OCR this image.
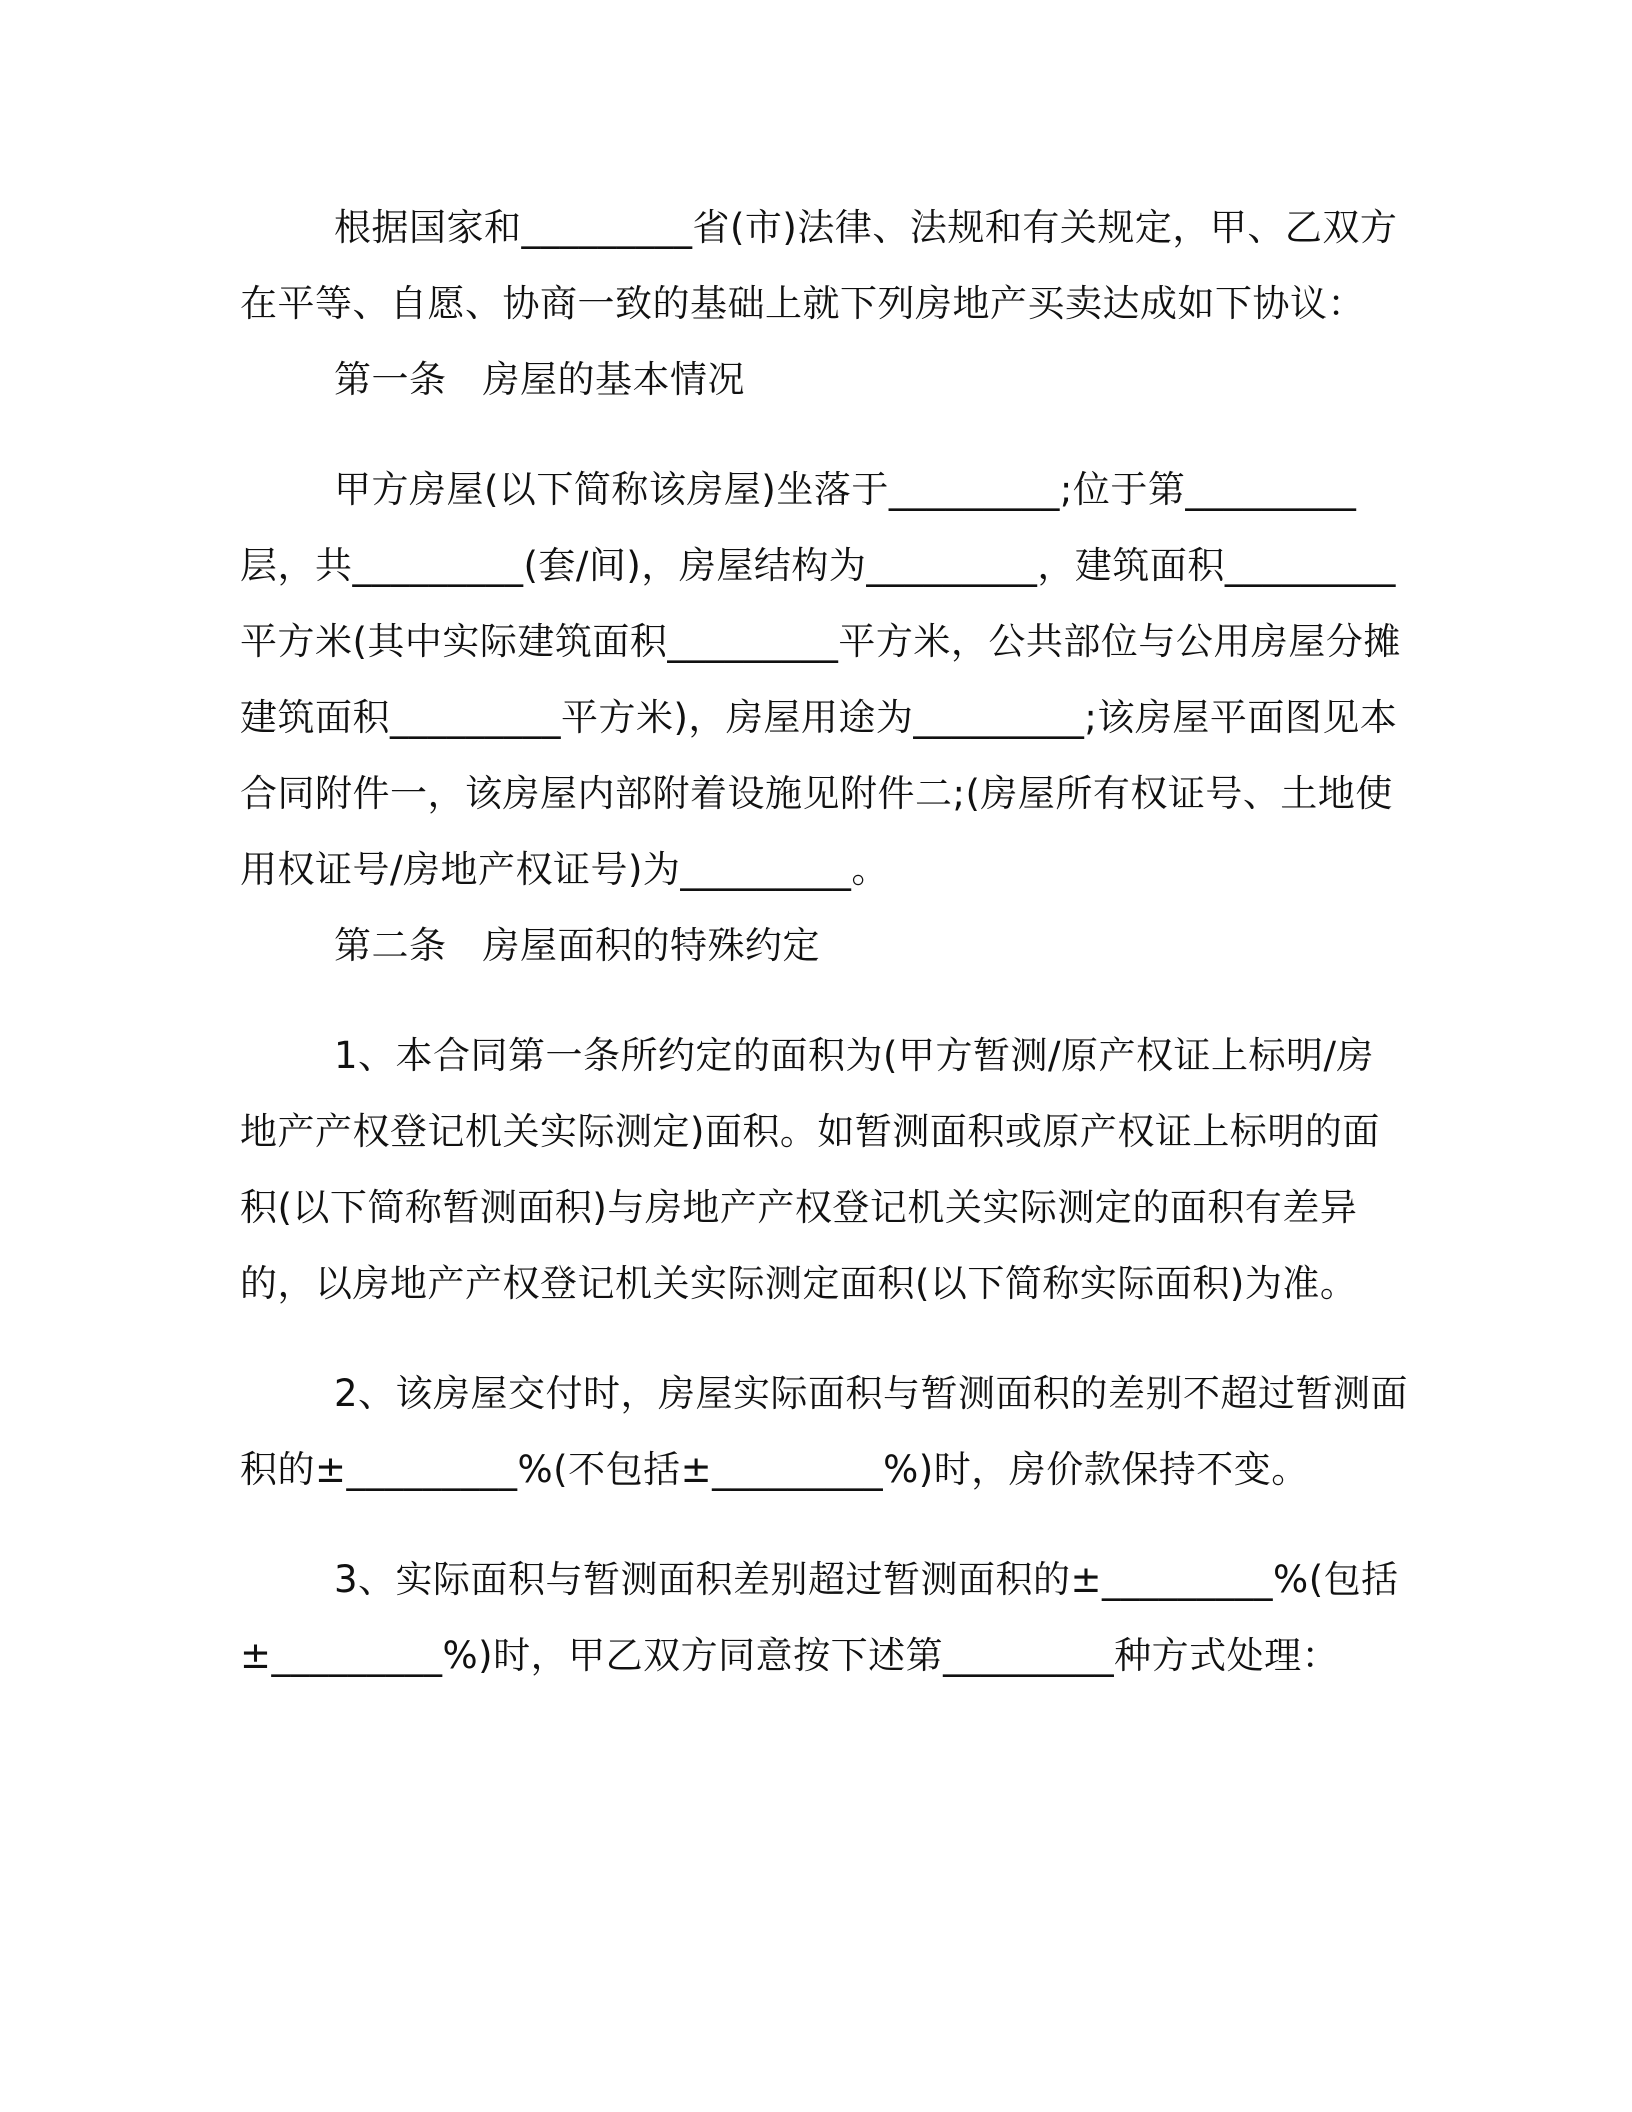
根据国家和_________省(市)法律、法规和有关规定，甲、乙双方在平等、自愿、协商一致的基础上就下列房地产买卖达成如下协议：

第一条 房屋的基本情况

甲方房屋(以下简称该房屋)坐落于_________;位于第_________层，共_________(套/间)，房屋结构为_________，建筑面积_________平方米(其中实际建筑面积_________平方米，公共部位与公用房屋分摊建筑面积_________平方米)，房屋用途为_________;该房屋平面图见本合同附件一，该房屋内部附着设施见附件二;(房屋所有权证号、土地使用权证号/房地产权证号)为_________。

第二条 房屋面积的特殊约定

1、本合同第一条所约定的面积为(甲方暂测/原产权证上标明/房地产产权登记机关实际测定)面积。如暂测面积或原产权证上标明的面积(以下简称暂测面积)与房地产产权登记机关实际测定的面积有差异的，以房地产产权登记机关实际测定面积(以下简称实际面积)为准。

2、该房屋交付时，房屋实际面积与暂测面积的差别不超过暂测面积的±_________%(不包括±_________%)时，房价款保持不变。

3、实际面积与暂测面积差别超过暂测面积的±_________%(包括±_________%)时，甲乙双方同意按下述第_________种方式处理：
